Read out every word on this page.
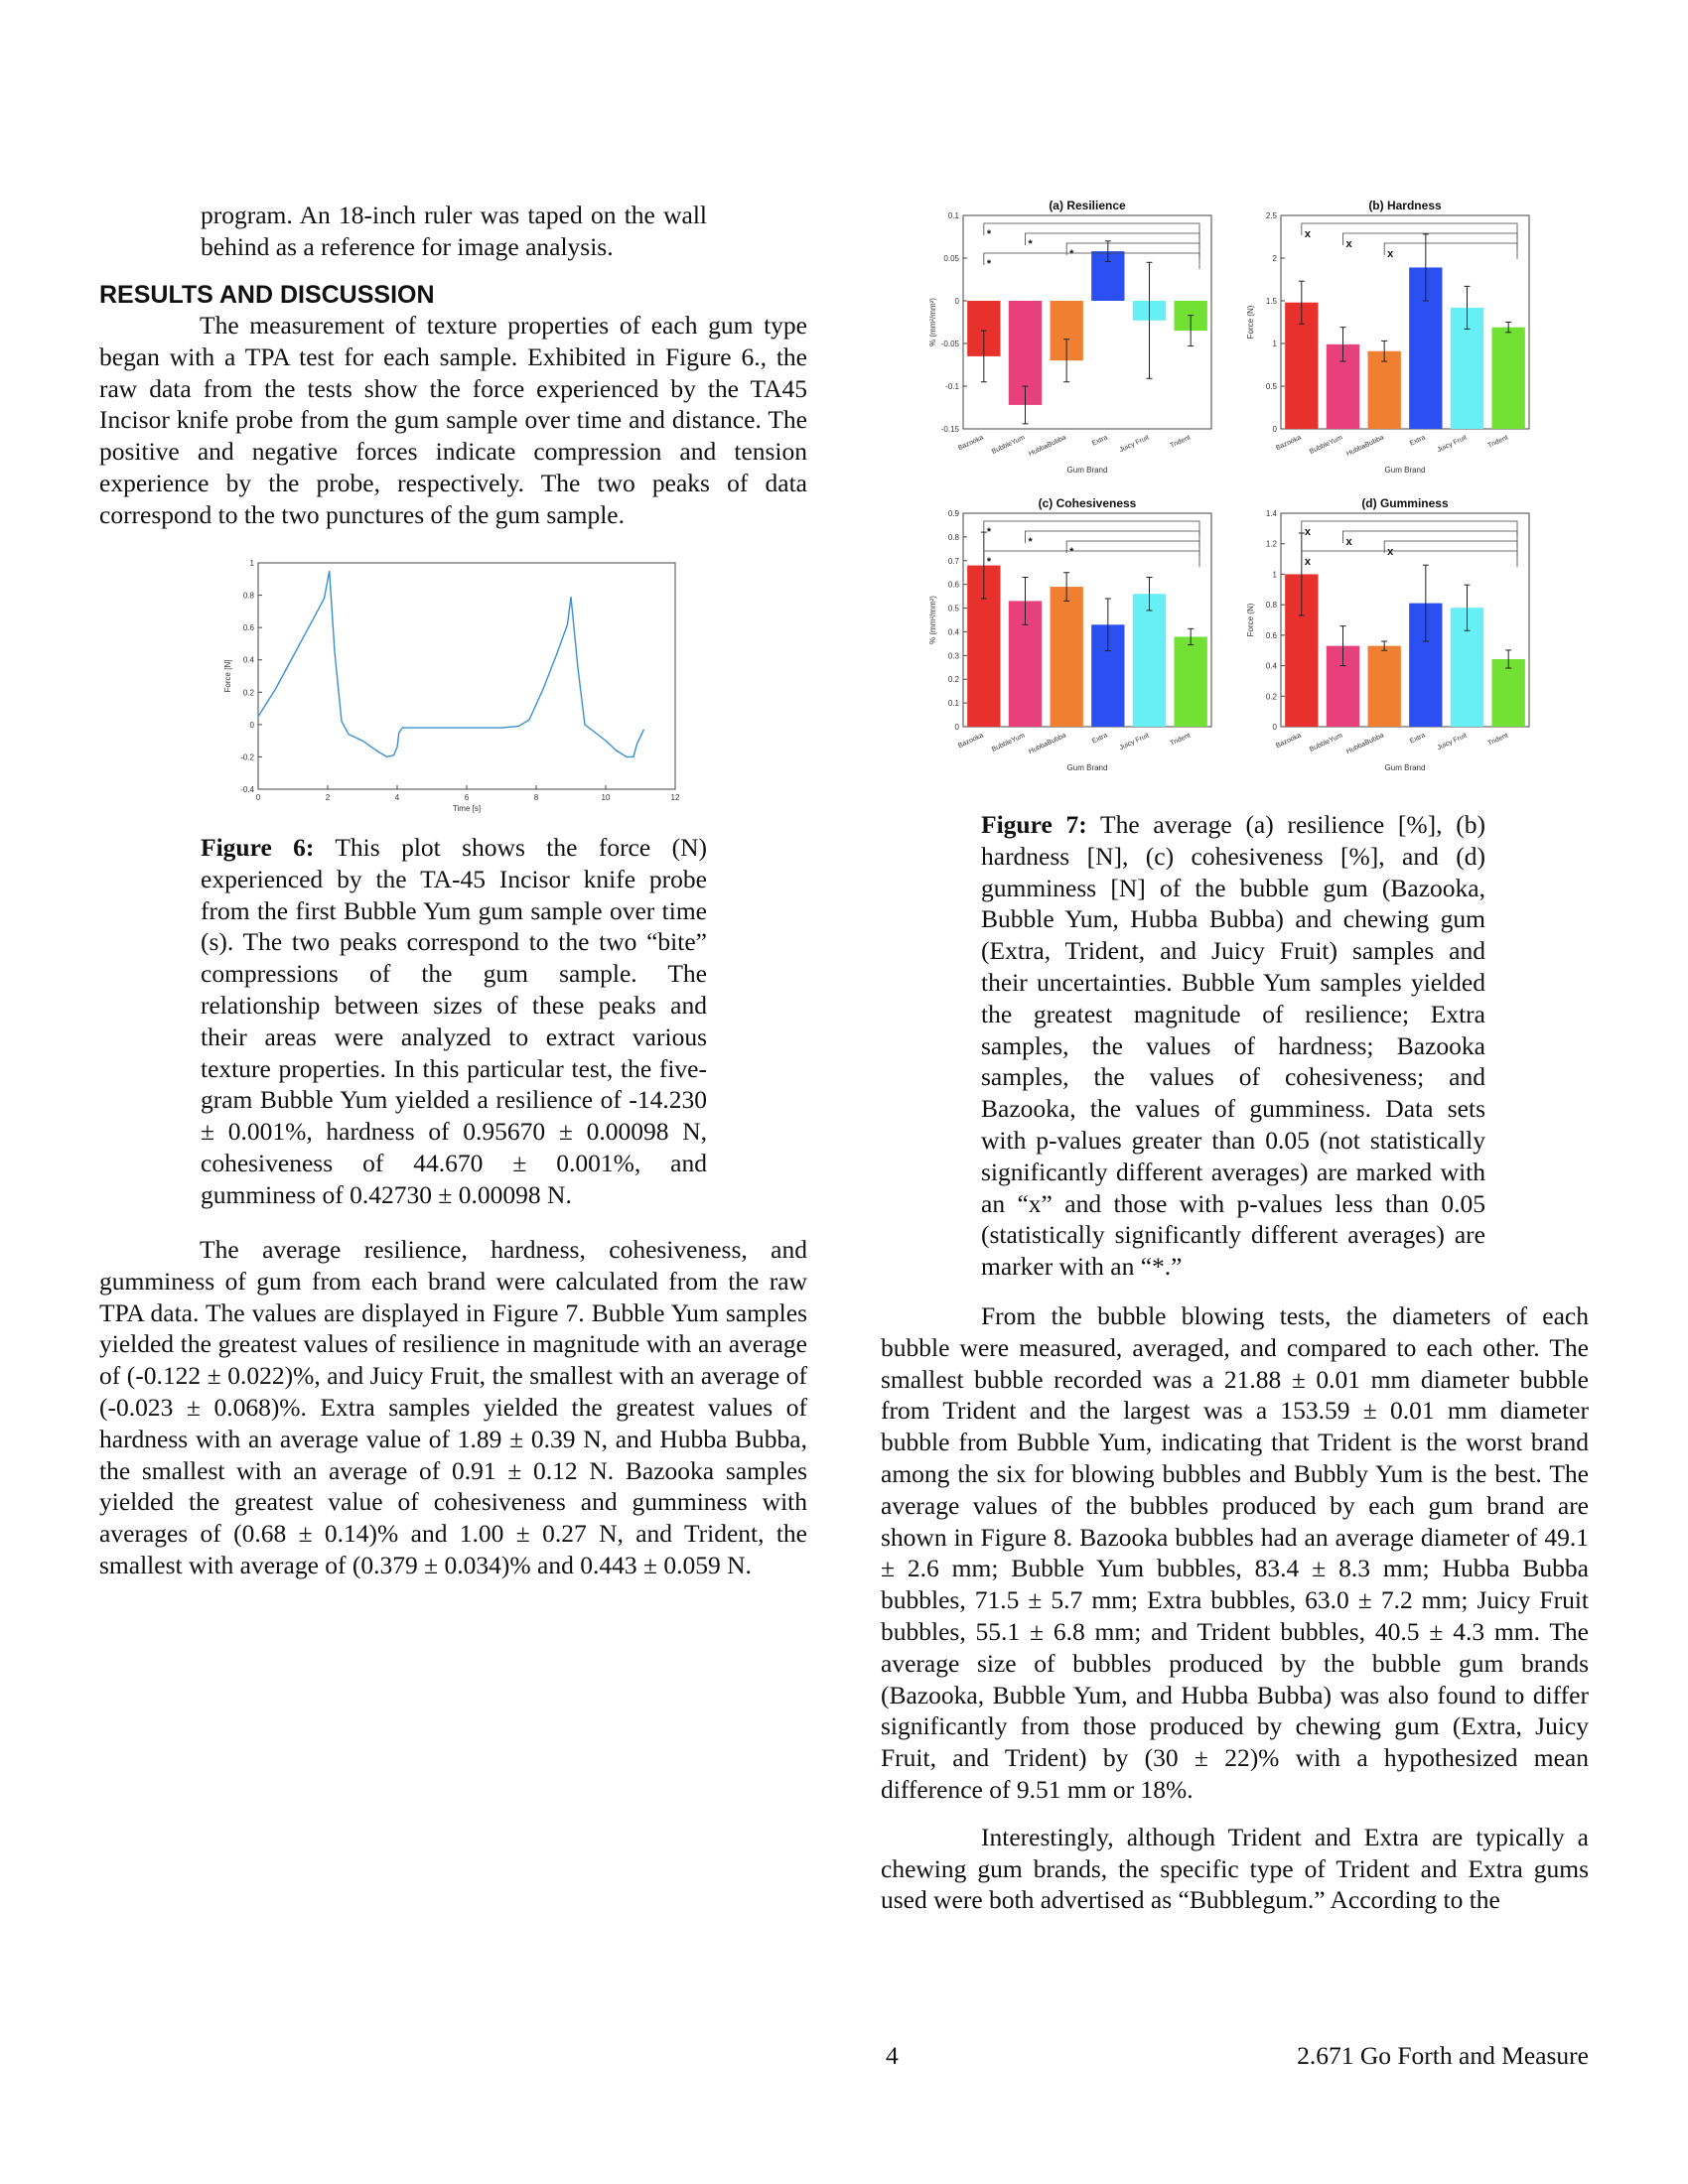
program. An 18-inch ruler was taped on the wall behind as a reference for image analysis.

RESULTS AND DISCUSSION

The measurement of texture properties of each gum type began with a TPA test for each sample. Exhibited in Figure 6., the raw data from the tests show the force experienced by the TA45 Incisor knife probe from the gum sample over time and distance. The positive and negative forces indicate compression and tension experience by the probe, respectively. The two peaks of data correspond to the two punctures of the gum sample.

0	2	4	6	8	10	12
-0.4
-0.2
0
0.2
0.4
0.6
0.8
1
Time [s]
Force [N]
Figure 6: This plot shows the force (N) experienced by the TA-45 Incisor knife probe from the first Bubble Yum gum sample over time (s). The two peaks correspond to the two “bite” compressions of the gum sample. The relationship between sizes of these peaks and their areas were analyzed to extract various texture properties. In this particular test, the five-gram Bubble Yum yielded a resilience of -14.230 ± 0.001%, hardness of 0.95670 ± 0.00098 N, cohesiveness of 44.670 ± 0.001%, and gumminess of 0.42730 ± 0.00098 N.

The average resilience, hardness, cohesiveness, and gumminess of gum from each brand were calculated from the raw TPA data. The values are displayed in Figure 7. Bubble Yum samples yielded the greatest values of resilience in magnitude with an average of (-0.122 ± 0.022)%, and Juicy Fruit, the smallest with an average of (-0.023 ± 0.068)%. Extra samples yielded the greatest values of hardness with an average value of 1.89 ± 0.39 N, and Hubba Bubba, the smallest with an average of 0.91 ± 0.12 N. Bazooka samples yielded the greatest value of cohesiveness and gumminess with averages of (0.68 ± 0.14)% and 1.00 ± 0.27 N, and Trident, the smallest with average of (0.379 ± 0.034)% and 0.443 ± 0.059 N.

(a) Resilience
-0.15
-0.1
-0.05
0
0.05
0.1
% (mm²/mm²)
Bazooka BubbleYum HubbaBubba	Extra Juicy Fruit	Trident
Gum Brand
*
*
*
*
(b) Hardness
0
0.5
1
1.5
2
2.5
Force (N)
Bazooka BubbleYum HubbaBubba	Extra Juicy Fruit	Trident
Gum Brand
x
x
x
(c) Cohesiveness
0
0.1
0.2
0.3
0.4
0.5
0.6
0.7
0.8
0.9
% (mm²/mm²)
Bazooka BubbleYum HubbaBubba	Extra Juicy Fruit	Trident
Gum Brand
*
*
*
*
(d) Gumminess
0
0.2
0.4
0.6
0.8
1
1.2
1.4
Force (N)
Bazooka BubbleYum HubbaBubba	Extra Juicy Fruit	Trident
Gum Brand
x
x
x
x
Figure 7: The average (a) resilience [%], (b) hardness [N], (c) cohesiveness [%], and (d) gumminess [N] of the bubble gum (Bazooka, Bubble Yum, Hubba Bubba) and chewing gum (Extra, Trident, and Juicy Fruit) samples and their uncertainties. Bubble Yum samples yielded the greatest magnitude of resilience; Extra samples, the values of hardness; Bazooka samples, the values of cohesiveness; and Bazooka, the values of gumminess. Data sets with p-values greater than 0.05 (not statistically significantly different averages) are marked with an “x” and those with p-values less than 0.05 (statistically significantly different averages) are marker with an “*.”

From the bubble blowing tests, the diameters of each bubble were measured, averaged, and compared to each other. The smallest bubble recorded was a 21.88 ± 0.01 mm diameter bubble from Trident and the largest was a 153.59 ± 0.01 mm diameter bubble from Bubble Yum, indicating that Trident is the worst brand among the six for blowing bubbles and Bubbly Yum is the best. The average values of the bubbles produced by each gum brand are shown in Figure 8. Bazooka bubbles had an average diameter of 49.1 ± 2.6 mm; Bubble Yum bubbles, 83.4 ± 8.3 mm; Hubba Bubba bubbles, 71.5 ± 5.7 mm; Extra bubbles, 63.0 ± 7.2 mm; Juicy Fruit bubbles, 55.1 ± 6.8 mm; and Trident bubbles, 40.5 ± 4.3 mm. The average size of bubbles produced by the bubble gum brands (Bazooka, Bubble Yum, and Hubba Bubba) was also found to differ significantly from those produced by chewing gum (Extra, Juicy Fruit, and Trident) by (30 ± 22)% with a hypothesized mean difference of 9.51 mm or 18%.

Interestingly, although Trident and Extra are typically a chewing gum brands, the specific type of Trident and Extra gums used were both advertised as “Bubblegum.” According to the

4	2.671 Go Forth and Measure
